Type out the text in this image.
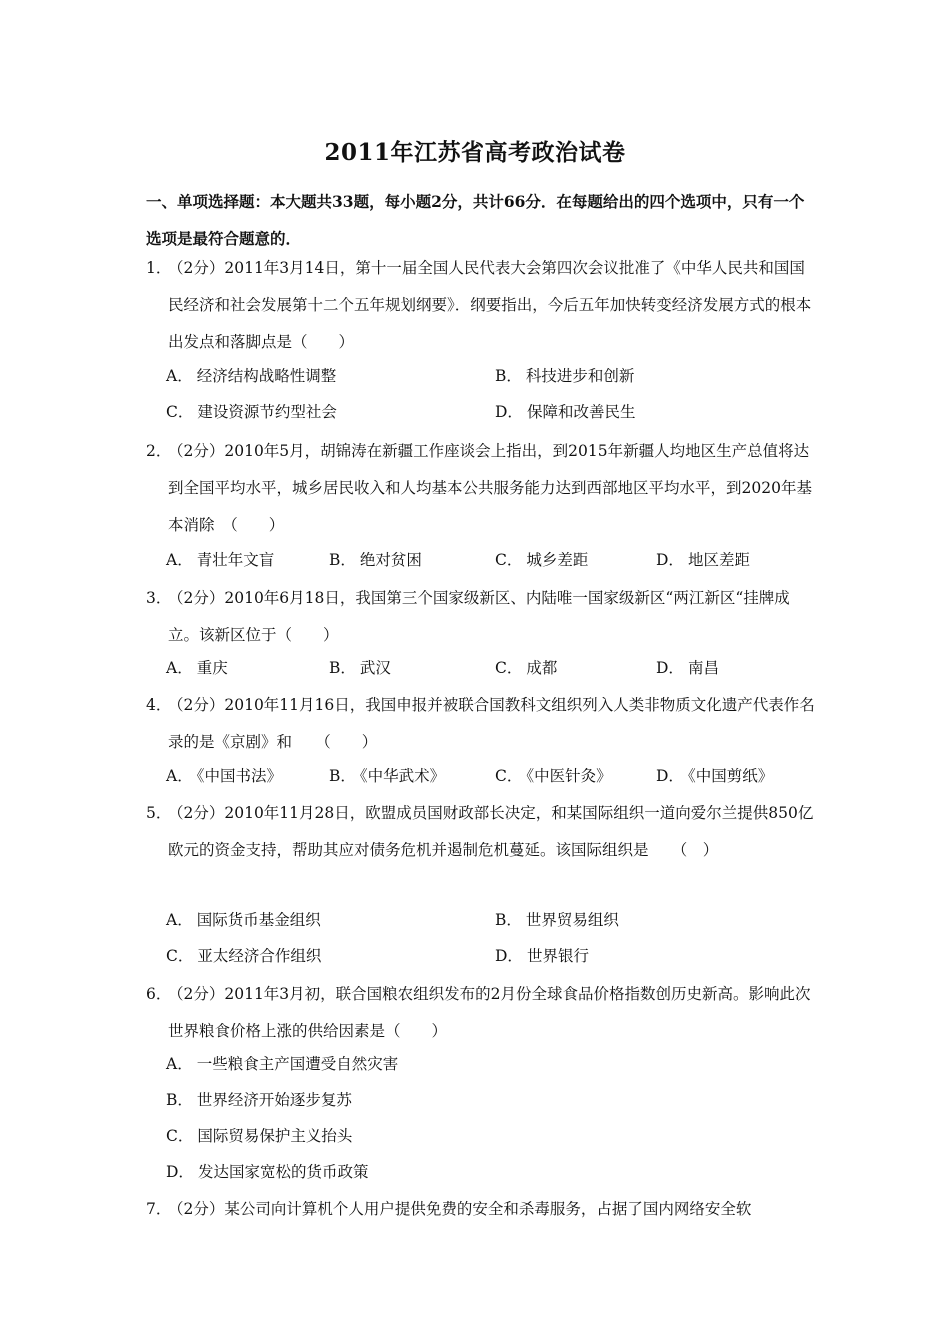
2011年江苏省高考政治试卷
一、单项选择题：本大题共33题，每小题2分，共计66分．在每题给出的四个选项中，只有一个选项是最符合题意的．
1．
（2分）2011年3月14日，第十一届全国人民代表大会第四次会议批准了《中华人民共和国国民经济和社会发展第十二个五年规划纲要》．纲要指出，今后五年加快转变经济发展方式的根本出发点和落脚点是（　　）
A． 经济结构战略性调整	B． 科技进步和创新
C． 建设资源节约型社会	D． 保障和改善民生
2．
（2分）2010年5月，胡锦涛在新疆工作座谈会上指出，到2015年新疆人均地区生产总值将达到全国平均水平，城乡居民收入和人均基本公共服务能力达到西部地区平均水平，到2020年基本消除　（　　）
A． 青壮年文盲	B． 绝对贫困	C． 城乡差距	D． 地区差距
3．
（2分）2010年6月18日，我国第三个国家级新区、内陆唯一国家级新区“两江新区“挂牌成立。该新区位于（　　）
A． 重庆	B． 武汉	C． 成都	D． 南昌
4．
（2分）2010年11月16日，我国申报并被联合国教科文组织列入人类非物质文化遗产代表作名录的是《京剧》和　　（　　）
A． 《中国书法》	B． 《中华武术》	C． 《中医针灸》	D． 《中国剪纸》
5．
（2分）2010年11月28日，欧盟成员国财政部长决定，和某国际组织一道向爱尔兰提供850亿欧元的资金支持，帮助其应对债务危机并遏制危机蔓延。该国际组织是　　（　）
A． 国际货币基金组织	B． 世界贸易组织
C． 亚太经济合作组织	D． 世界银行
6．
（2分）2011年3月初，联合国粮农组织发布的2月份全球食品价格指数创历史新高。影响此次世界粮食价格上涨的供给因素是（　　）
A． 一些粮食主产国遭受自然灾害
B． 世界经济开始逐步复苏
C． 国际贸易保护主义抬头
D． 发达国家宽松的货币政策
7．
（2分）某公司向计算机个人用户提供免费的安全和杀毒服务，占据了国内网络安全软
